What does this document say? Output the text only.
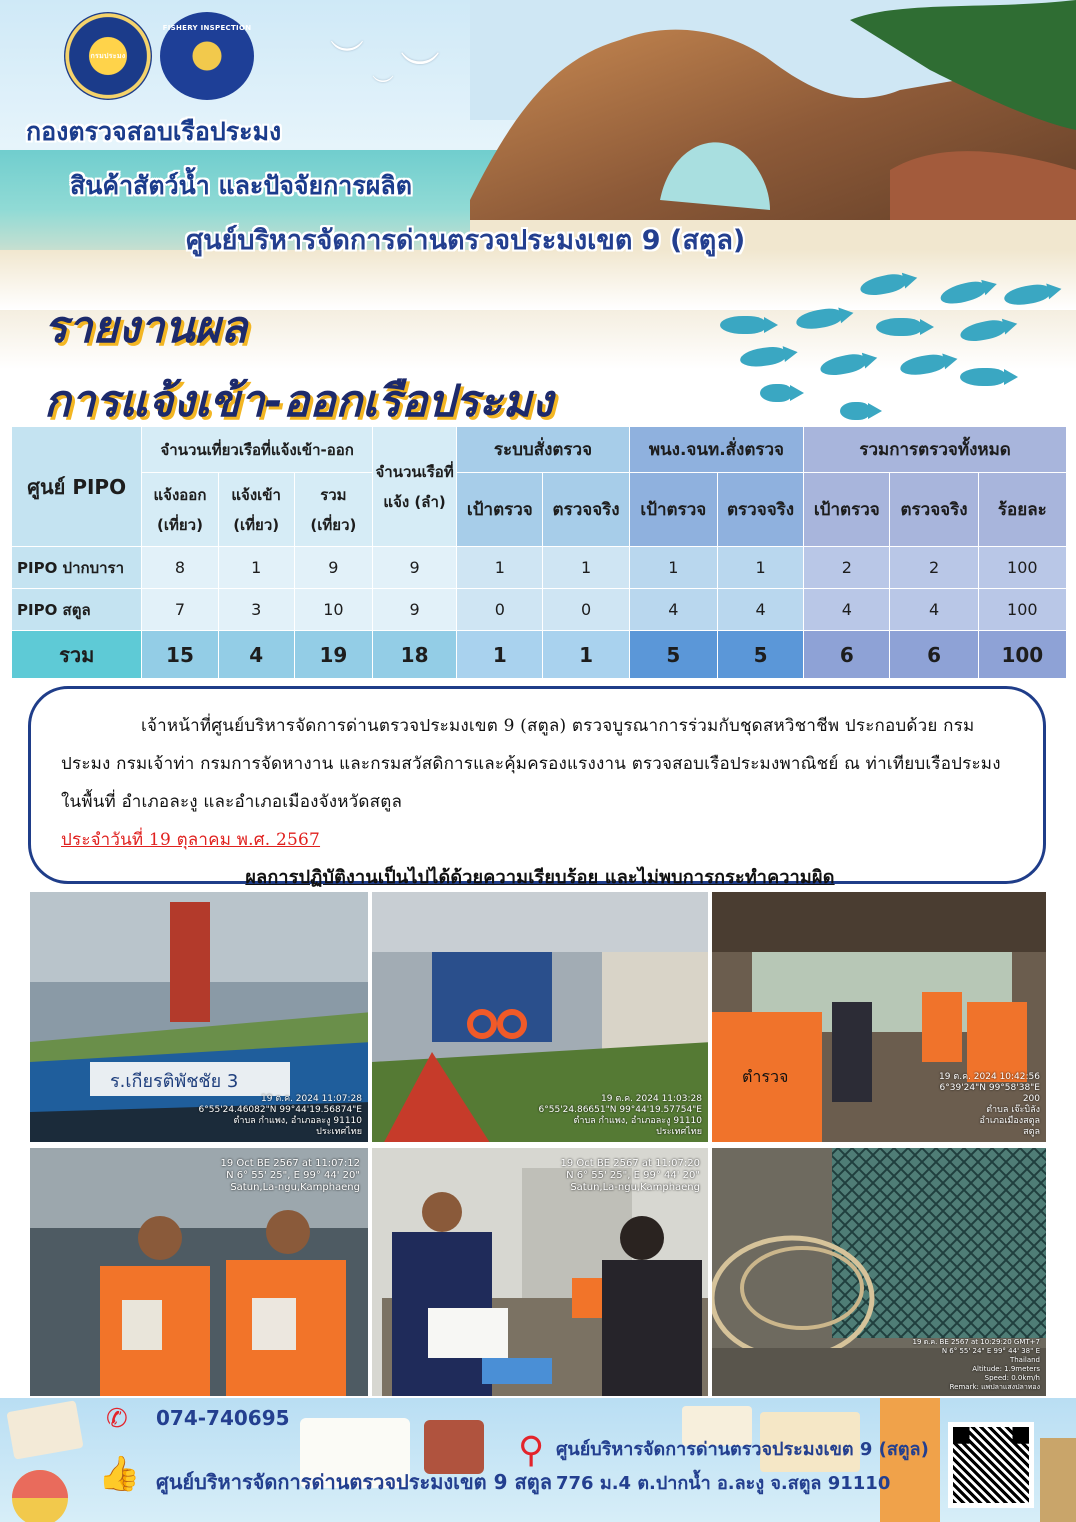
กรมประมง
FISHERY INSPECTION
︶ ︶
︶
กองตรวจสอบเรือประมง
สินค้าสัตว์น้ำ และปัจจัยการผลิต
ศูนย์บริหารจัดการด่านตรวจประมงเขต 9 (สตูล)
รายงานผล
การแจ้งเข้า-ออกเรือประมง
ศูนย์ PIPO	จำนวนเที่ยวเรือที่แจ้งเข้า-ออก			จำนวนเรือที่แจ้ง (ลำ)	ระบบสั่งตรวจ		พนง.จนท.สั่งตรวจ		รวมการตรวจทั้งหมด		
	แจ้งออก (เที่ยว)	แจ้งเข้า (เที่ยว)	รวม (เที่ยว)		เป้าตรวจ	ตรวจจริง	เป้าตรวจ	ตรวจจริง	เป้าตรวจ	ตรวจจริง	ร้อยละ
PIPO ปากบารา	8	1	9	9	1	1	1	1	2	2	100
PIPO สตูล	7	3	10	9	0	0	4	4	4	4	100
รวม	15	4	19	18	1	1	5	5	6	6	100

เจ้าหน้าที่ศูนย์บริหารจัดการด่านตรวจประมงเขต 9 (สตูล) ตรวจบูรณาการร่วมกับชุดสหวิชาชีพ ประกอบด้วย กรมประมง กรมเจ้าท่า กรมการจัดหางาน และกรมสวัสดิการและคุ้มครองแรงงาน ตรวจสอบเรือประมงพาณิชย์ ณ ท่าเทียบเรือประมง ในพื้นที่ อำเภอละงู และอำเภอเมืองจังหวัดสตูล

ประจำวันที่ 19 ตุลาคม พ.ศ. 2567

ผลการปฏิบัติงานเป็นไปได้ด้วยความเรียบร้อย และไม่พบการกระทำความผิด

ร.เกียรติพัชชัย 3
19 ต.ค. 2024 11:07:28
6°55'24.46082"N 99°44'19.56874"E
ตำบล กำแพง, อำเภอละงู 91110
ประเทศไทย
19 ต.ค. 2024 11:03:28
6°55'24.86651"N 99°44'19.57754"E
ตำบล กำแพง, อำเภอละงู 91110
ประเทศไทย
ตำรวจ	19 ต.ค. 2024 10:42:56
6°39'24"N 99°58'38"E
200
ตำบล เจ๊ะบิลัง
อำเภอเมืองสตูล
สตูล
19 Oct BE 2567 at 11:07:12
N 6° 55' 25", E 99° 44' 20"
Satun,La-ngu,Kamphaeng
19 Oct BE 2567 at 11:07:20
N 6° 55' 25", E 99° 44' 20"
Satun,La-ngu,Kamphaeng
19 ต.ค. BE 2567 at 10:29:20 GMT+7
N 6° 55' 24" E 99° 44' 38" E
Thailand
Altitude: 1.9meters
Speed: 0.0km/h
Remark: แพปลาแสงปลาทอง
✆	074-740695
👍 ศูนย์บริหารจัดการด่านตรวจประมงเขต 9 สตูล
⚲ ศูนย์บริหารจัดการด่านตรวจประมงเขต 9 (สตูล)
776 ม.4 ต.ปากน้ำ อ.ละงู จ.สตูล 91110
